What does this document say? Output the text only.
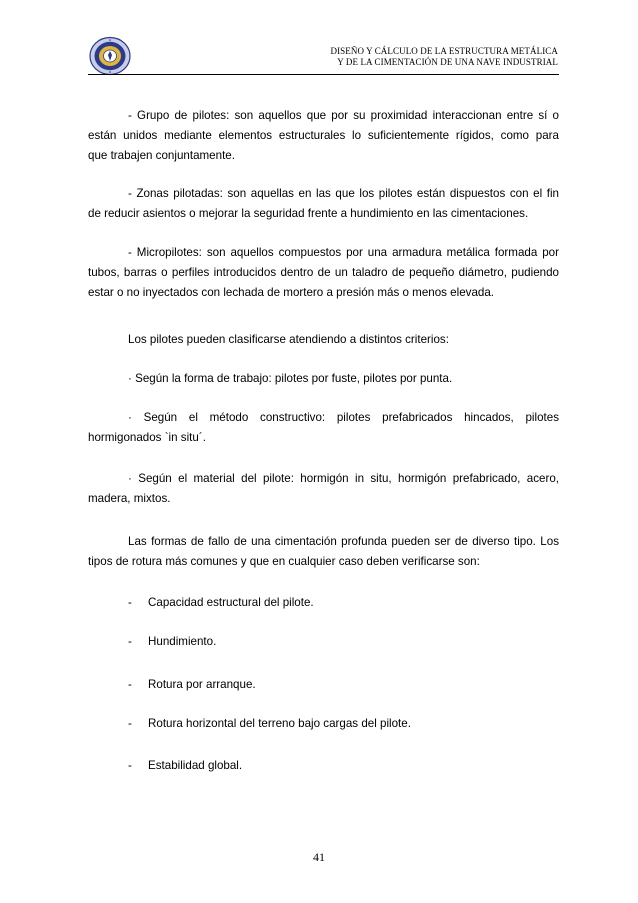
DISEÑO Y CÁLCULO DE LA ESTRUCTURA METÁLICA
Y DE LA CIMENTACIÓN DE UNA NAVE INDUSTRIAL
- Grupo de pilotes: son aquellos que por su proximidad interaccionan entre sí o
están unidos mediante elementos estructurales lo suficientemente rígidos, como para
que trabajen conjuntamente.
- Zonas pilotadas: son aquellas en las que los pilotes están dispuestos con el fin
de reducir asientos o mejorar la seguridad frente a hundimiento en las cimentaciones.
- Micropilotes: son aquellos compuestos por una armadura metálica formada por
tubos, barras o perfiles introducidos dentro de un taladro de pequeño diámetro, pudiendo
estar o no inyectados con lechada de mortero a presión más o menos elevada.
Los pilotes pueden clasificarse atendiendo a distintos criterios:
· Según la forma de trabajo: pilotes por fuste, pilotes por punta.
· Según el método constructivo: pilotes prefabricados hincados, pilotes
hormigonados `in situ´.
· Según el material del pilote: hormigón in situ, hormigón prefabricado, acero,
madera, mixtos.
Las formas de fallo de una cimentación profunda pueden ser de diverso tipo. Los
tipos de rotura más comunes y que en cualquier caso deben verificarse son:
- Capacidad estructural del pilote.
- Hundimiento.
- Rotura por arranque.
- Rotura horizontal del terreno bajo cargas del pilote.
- Estabilidad global.
41
